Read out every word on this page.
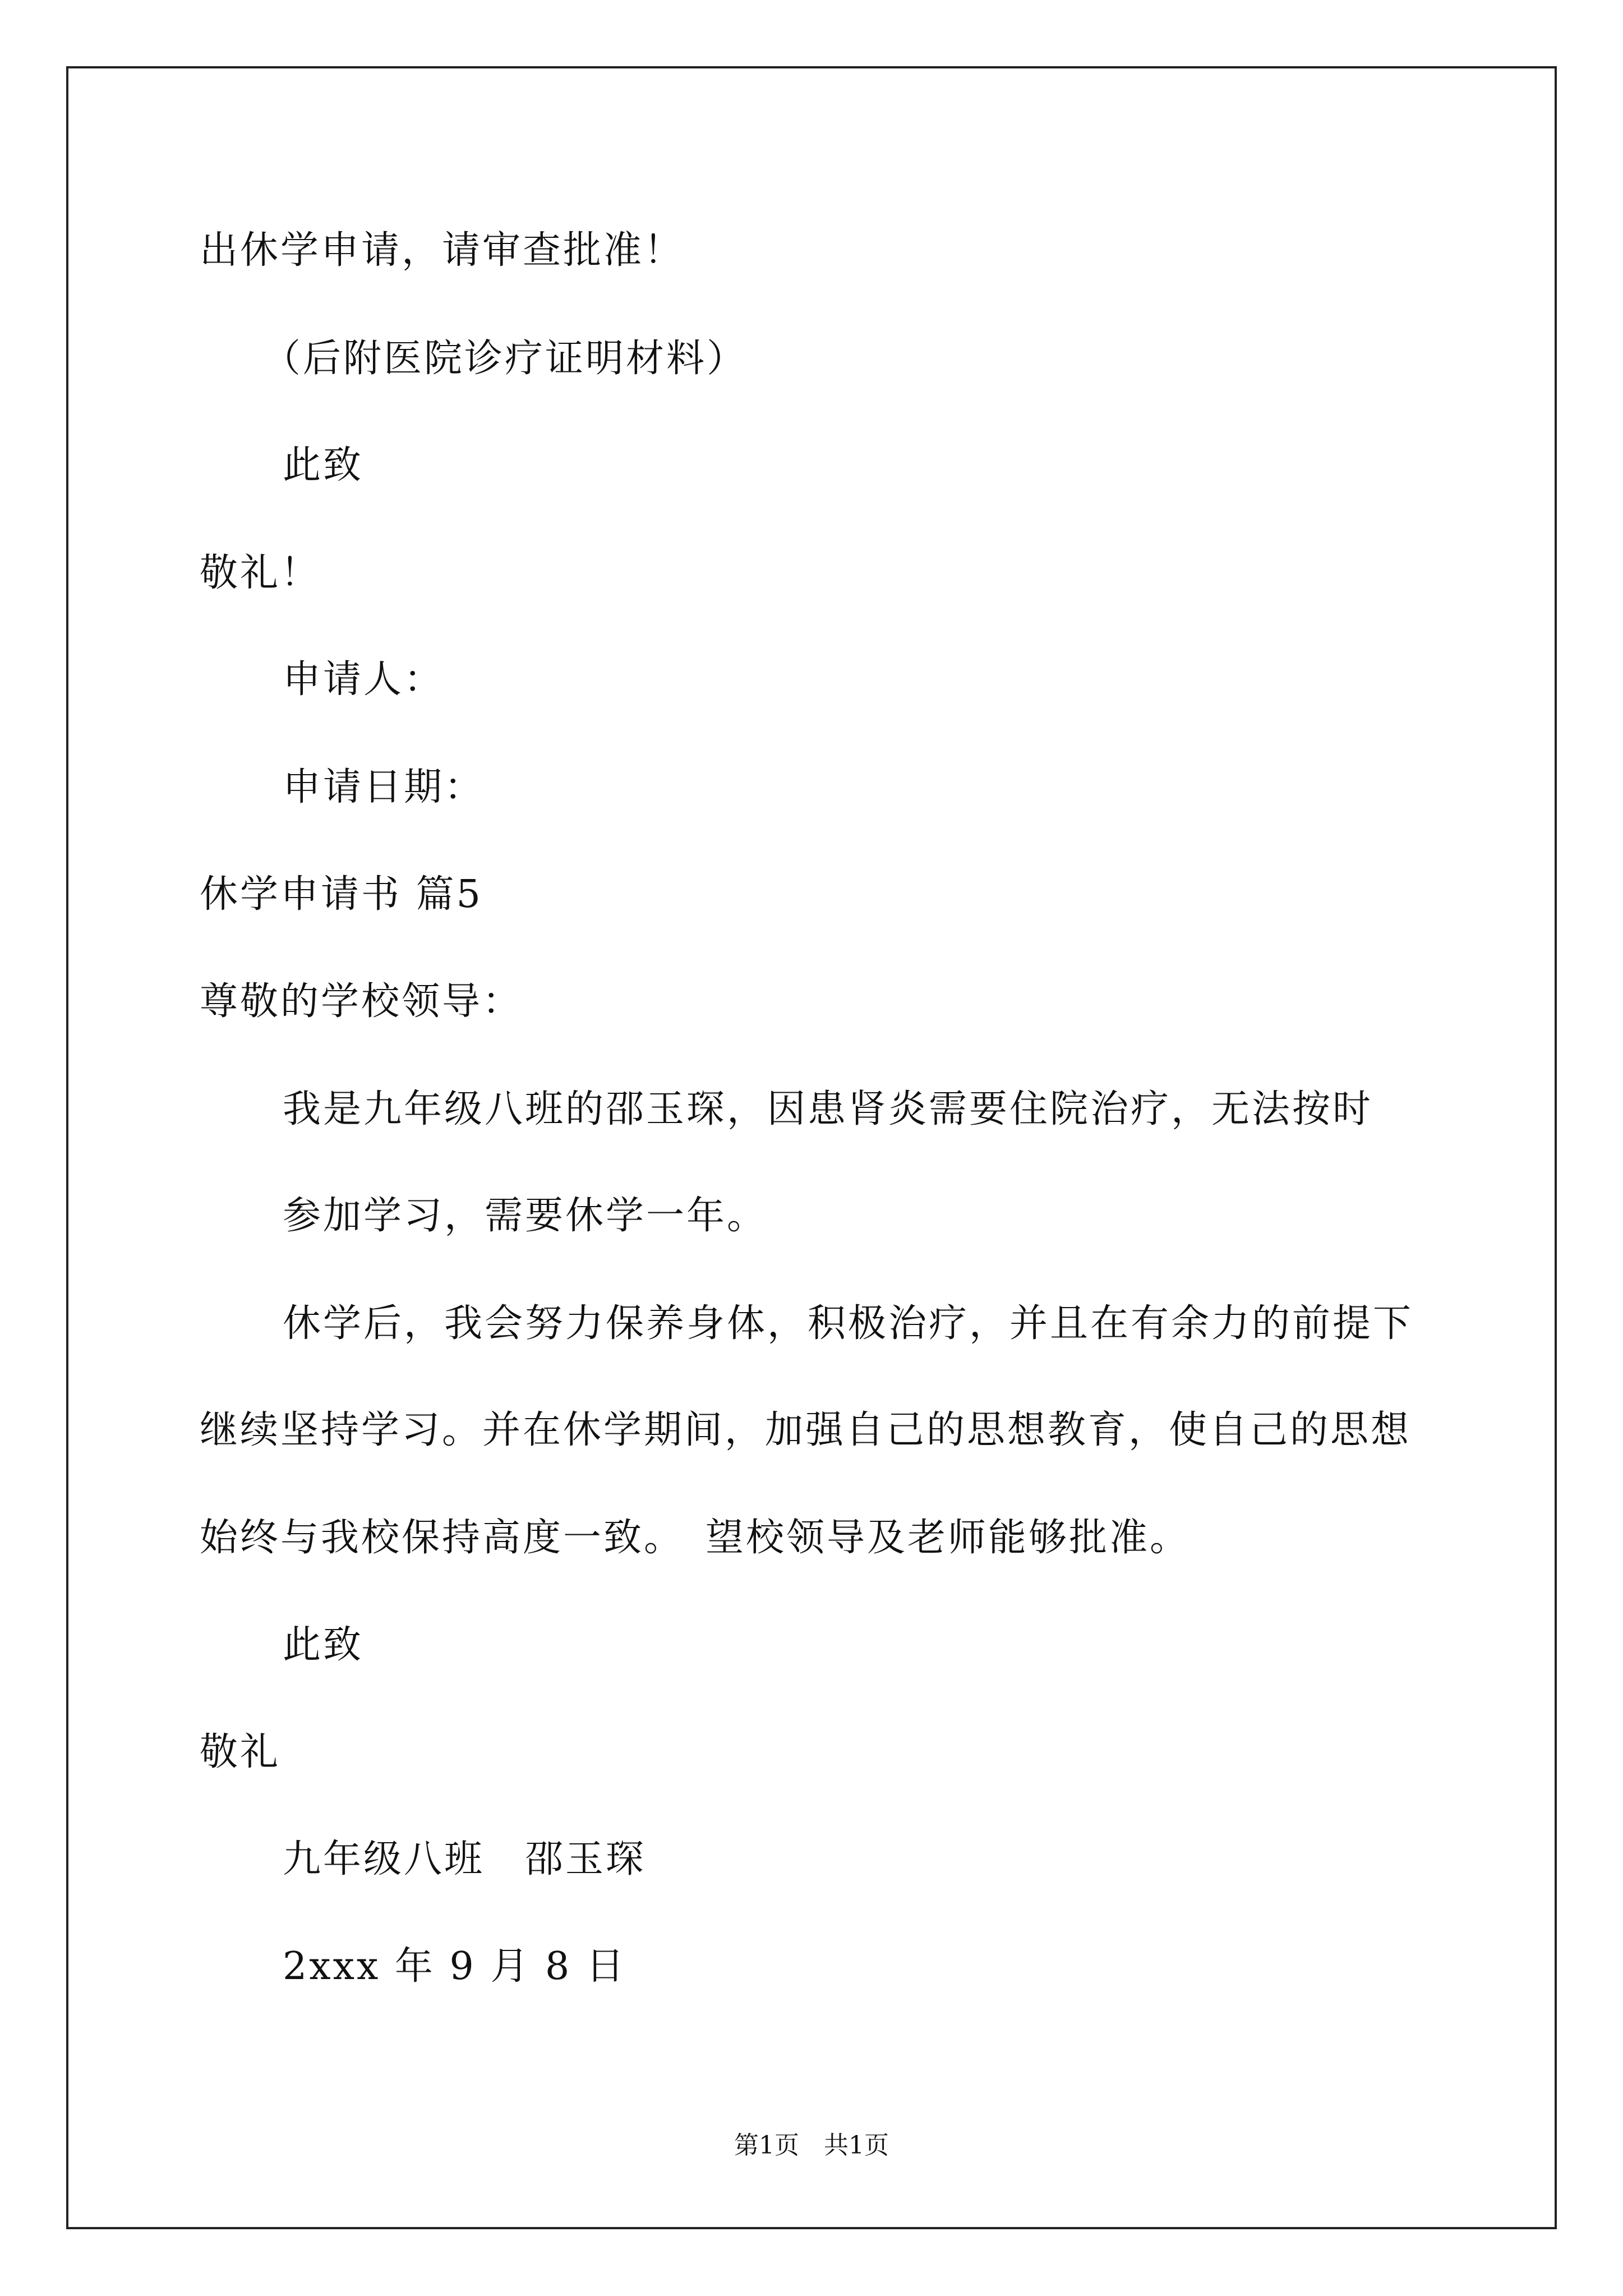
出休学申请，请审查批准！
（后附医院诊疗证明材料）
此致
敬礼！
申请人：
申请日期：
休学申请书 篇5
尊敬的学校领导：
我是九年级八班的邵玉琛，因患肾炎需要住院治疗，无法按时
参加学习，需要休学一年。
休学后，我会努力保养身体，积极治疗，并且在有余力的前提下
继续坚持学习。并在休学期间，加强自己的思想教育，使自己的思想
始终与我校保持高度一致。　望校领导及老师能够批准。
此致
敬礼
九年级八班　邵玉琛
2xxx 年 9 月 8 日
第1页　共1页
